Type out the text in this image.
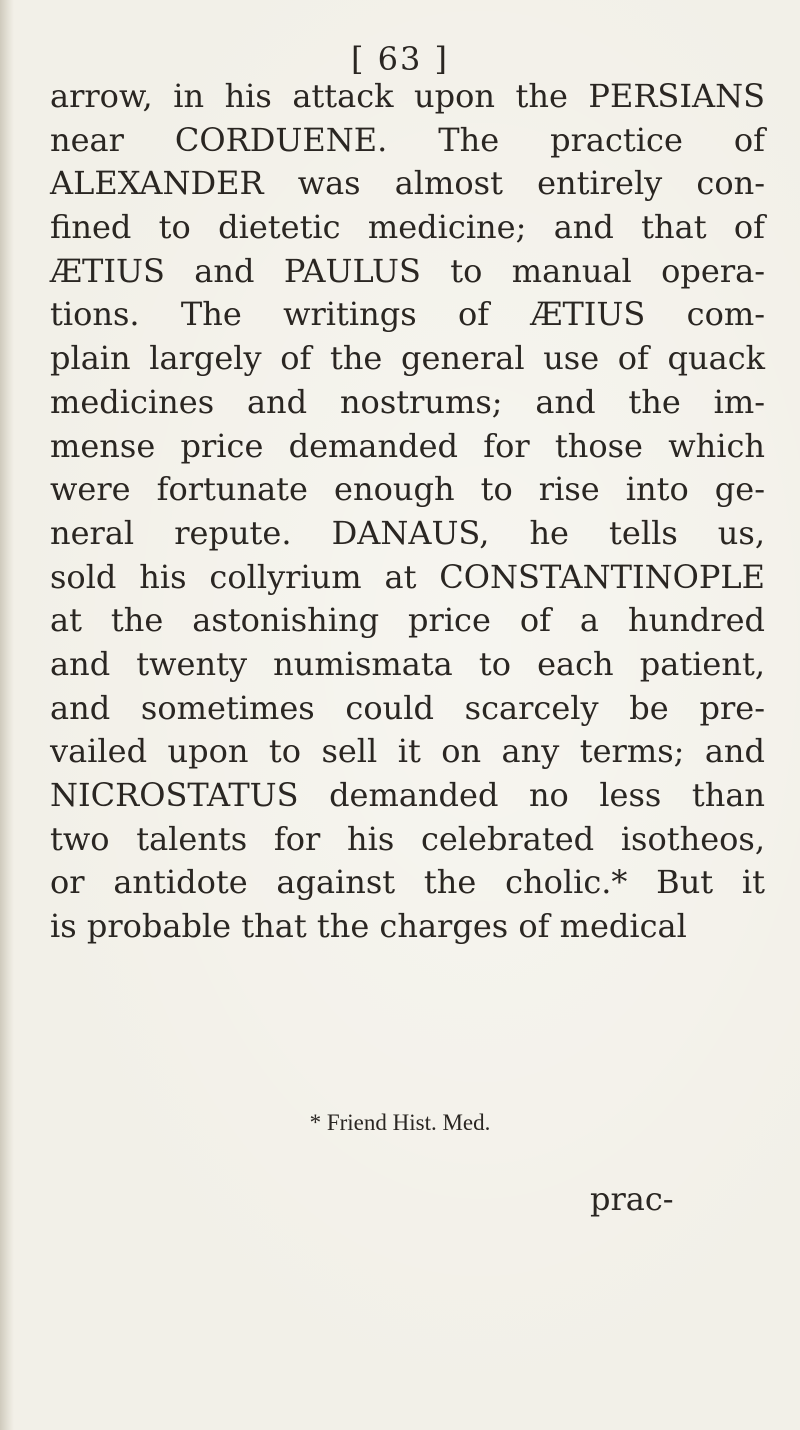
[ 63 ]
arrow, in his attack upon the PERSIANS
near CORDUENE. The practice of
ALEXANDER was almost entirely con-
fined to dietetic medicine; and that of
ÆTIUS and PAULUS to manual opera-
tions. The writings of ÆTIUS com-
plain largely of the general use of quack
medicines and nostrums; and the im-
mense price demanded for those which
were fortunate enough to rise into ge-
neral repute. DANAUS, he tells us,
sold his collyrium at CONSTANTINOPLE
at the astonishing price of a hundred
and twenty numismata to each patient,
and sometimes could scarcely be pre-
vailed upon to sell it on any terms; and
NICROSTATUS demanded no less than
two talents for his celebrated isotheos,
or antidote against the cholic.* But it
is probable that the charges of medical
* Friend Hist. Med.
prac-
